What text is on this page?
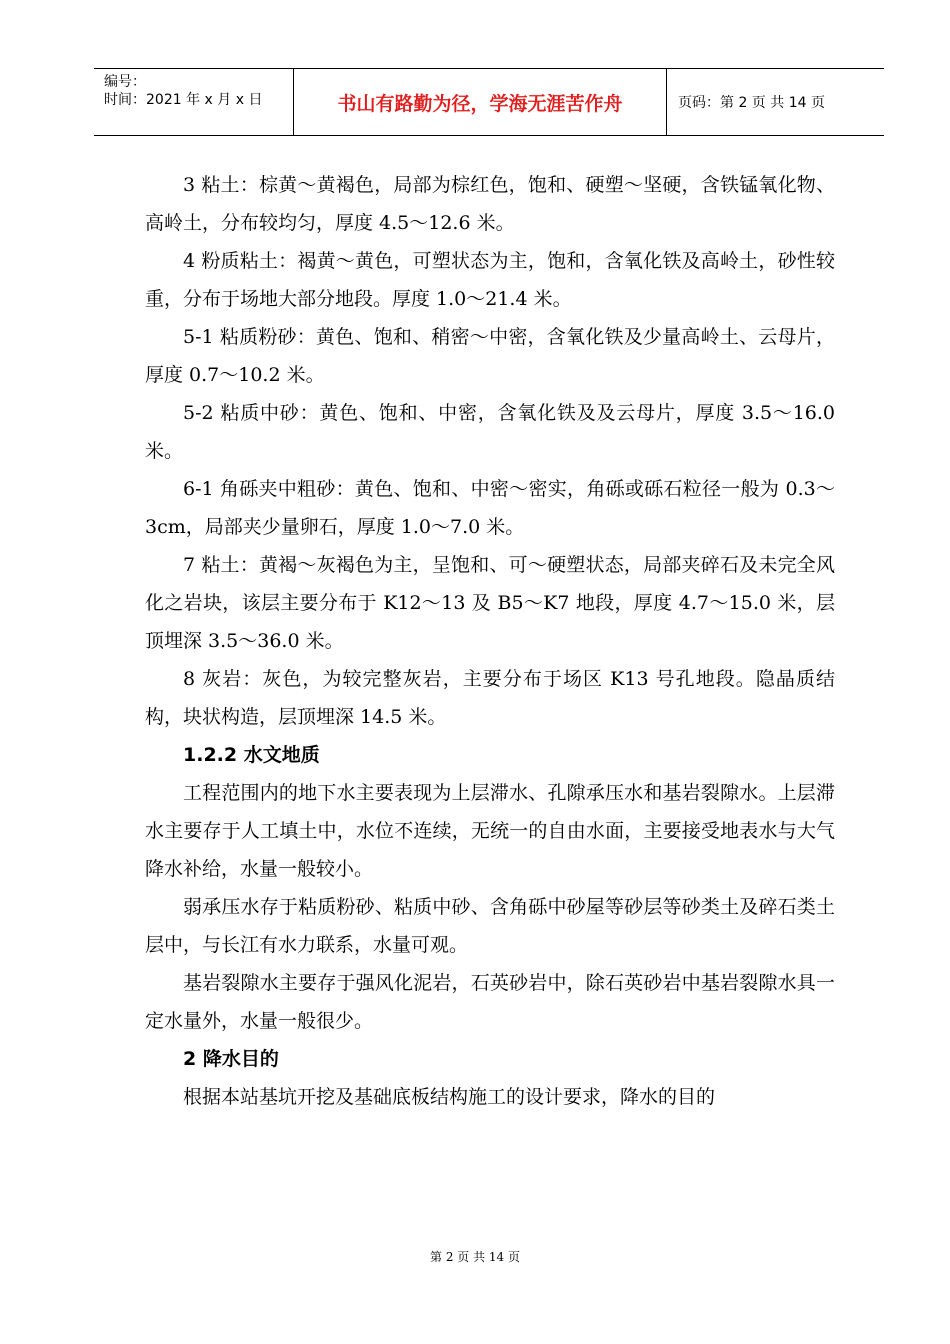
编号：
时间：2021 年 x 月 x 日	书山有路勤为径，学海无涯苦作舟	页码：第 2 页 共 14 页

3 粘土：棕黄～黄褐色，局部为棕红色，饱和、硬塑～坚硬，含铁锰氧化物、高岭土，分布较均匀，厚度 4.5～12.6 米。

4 粉质粘土：褐黄～黄色，可塑状态为主，饱和，含氧化铁及高岭土，砂性较重，分布于场地大部分地段。厚度 1.0～21.4 米。

5-1 粘质粉砂：黄色、饱和、稍密～中密，含氧化铁及少量高岭土、云母片，厚度 0.7～10.2 米。

5-2 粘质中砂：黄色、饱和、中密，含氧化铁及及云母片，厚度 3.5～16.0 米。

6-1 角砾夹中粗砂：黄色、饱和、中密～密实，角砾或砾石粒径一般为 0.3～3cm，局部夹少量卵石，厚度 1.0～7.0 米。

7 粘土：黄褐～灰褐色为主，呈饱和、可～硬塑状态，局部夹碎石及未完全风化之岩块，该层主要分布于 K12～13 及 B5～K7 地段，厚度 4.7～15.0 米，层顶埋深 3.5～36.0 米。

8 灰岩：灰色，为较完整灰岩，主要分布于场区 K13 号孔地段。隐晶质结构，块状构造，层顶埋深 14.5 米。

1.2.2 水文地质

工程范围内的地下水主要表现为上层滞水、孔隙承压水和基岩裂隙水。上层滞水主要存于人工填土中，水位不连续，无统一的自由水面，主要接受地表水与大气降水补给，水量一般较小。

弱承压水存于粘质粉砂、粘质中砂、含角砾中砂屋等砂层等砂类土及碎石类土层中，与长江有水力联系，水量可观。

基岩裂隙水主要存于强风化泥岩，石英砂岩中，除石英砂岩中基岩裂隙水具一定水量外，水量一般很少。

2 降水目的

根据本站基坑开挖及基础底板结构施工的设计要求，降水的目的

第 2 页 共 14 页
